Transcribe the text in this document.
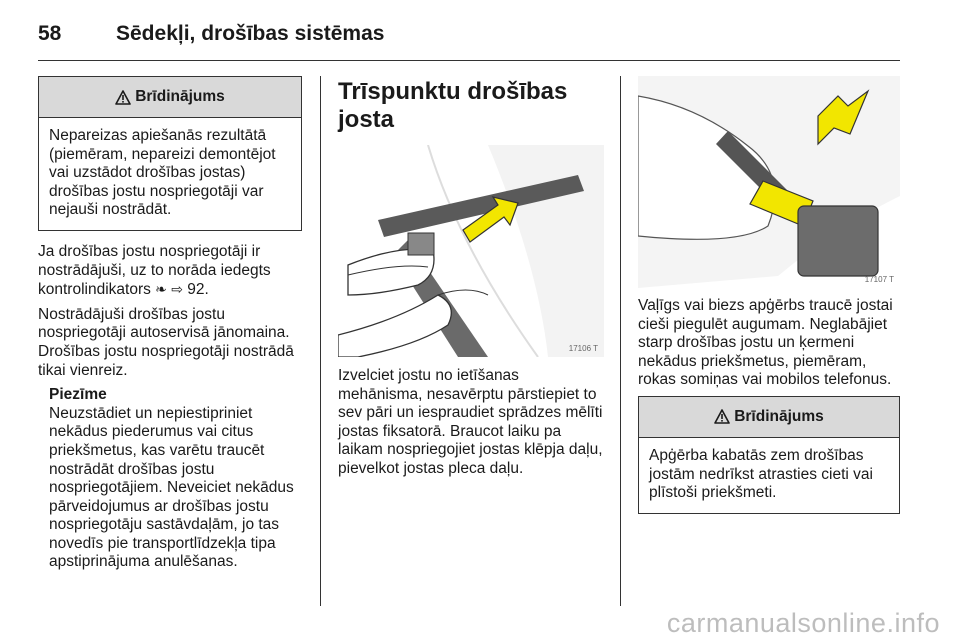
58	Sēdekļi, drošības sistēmas
Brīdinājums
Nepareizas apiešanās rezultātā (piemēram, nepareizi demontējot vai uzstādot drošības jostas) drošības jostu nospriegotāji var nejauši nostrādāt.

Ja drošības jostu nospriegotāji ir nostrādājuši, uz to norāda iedegts kontrolindikators ❧ ⇨ 92.

Nostrādājuši drošības jostu nospriegotāji autoservisā jānomaina. Drošības jostu nospriegotāji nostrādā tikai vienreiz.

Piezīme
Neuzstādiet un nepiestipriniet nekādus piederumus vai citus priekšmetus, kas varētu traucēt nostrādāt drošības jostu nospriegotājiem. Neveiciet nekādus pārveidojumus ar drošības jostu nospriegotāju sastāvdaļām, jo tas novedīs pie transportlīdzekļa tipa apstiprinājuma anulēšanas.
Trīspunktu drošības josta
17106 T

Izvelciet jostu no ietīšanas mehānisma, nesavērptu pārstiepiet to sev pāri un iespraudiet sprādzes mēlīti jostas fiksatorā. Braucot laiku pa laikam nospriegojiet jostas klēpja daļu, pievelkot jostas pleca daļu.

17107 T

Vaļīgs vai biezs apģērbs traucē jostai cieši piegulēt augumam. Neglabājiet starp drošības jostu un ķermeni nekādus priekšmetus, piemēram, rokas somiņas vai mobilos telefonus.

Brīdinājums
Apģērba kabatās zem drošības jostām nedrīkst atrasties cieti vai plīstoši priekšmeti.
carmanualsonline.info
